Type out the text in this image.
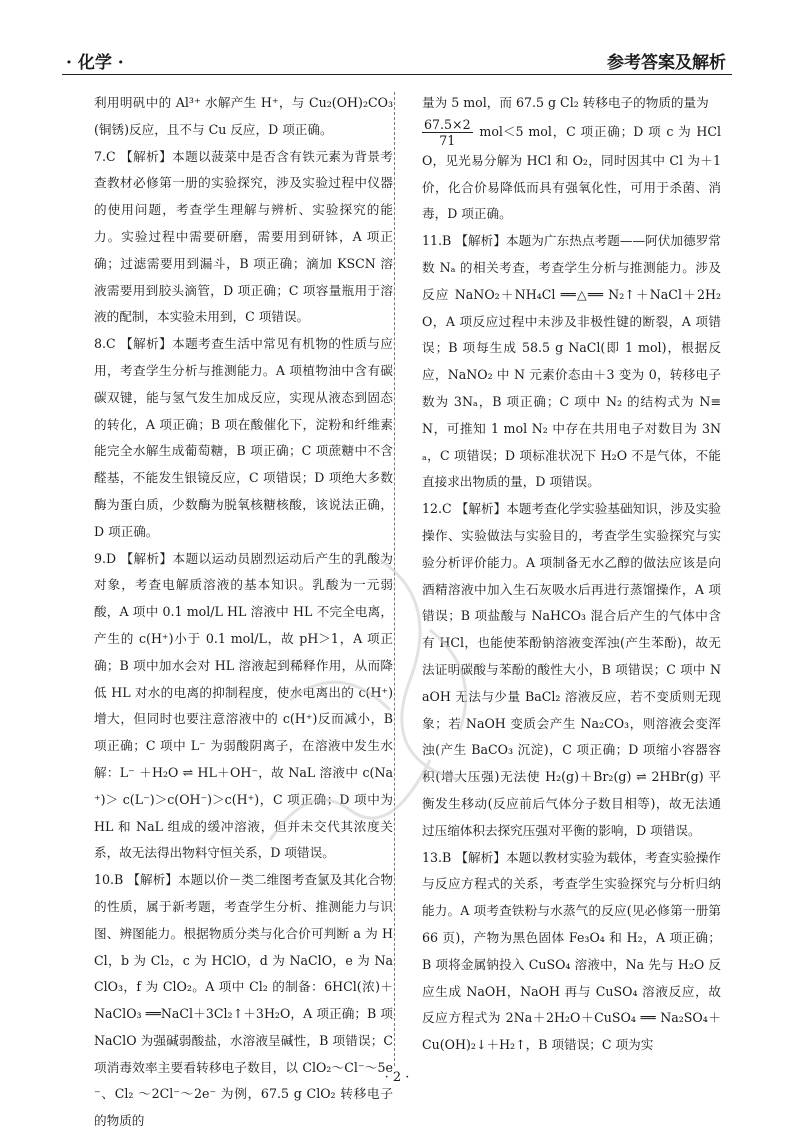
· 化学 ·	参考答案及解析

利用明矾中的 Al³⁺ 水解产生 H⁺，与 Cu₂(OH)₂CO₃(铜锈)反应，且不与 Cu 反应，D 项正确。

7.C 【解析】本题以菠菜中是否含有铁元素为背景考查教材必修第一册的实验探究，涉及实验过程中仪器的使用问题，考查学生理解与辨析、实验探究的能力。实验过程中需要研磨，需要用到研钵，A 项正确；过滤需要用到漏斗，B 项正确；滴加 KSCN 溶液需要用到胶头滴管，D 项正确；C 项容量瓶用于溶液的配制，本实验未用到，C 项错误。

8.C 【解析】本题考查生活中常见有机物的性质与应用，考查学生分析与推测能力。A 项植物油中含有碳碳双键，能与氢气发生加成反应，实现从液态到固态的转化，A 项正确；B 项在酸催化下，淀粉和纤维素能完全水解生成葡萄糖，B 项正确；C 项蔗糖中不含醛基，不能发生银镜反应，C 项错误；D 项绝大多数酶为蛋白质，少数酶为脱氧核糖核酸，该说法正确，D 项正确。

9.D 【解析】本题以运动员剧烈运动后产生的乳酸为对象，考查电解质溶液的基本知识。乳酸为一元弱酸，A 项中 0.1 mol/L HL 溶液中 HL 不完全电离，产生的 c(H⁺)小于 0.1 mol/L，故 pH＞1，A 项正确；B 项中加水会对 HL 溶液起到稀释作用，从而降低 HL 对水的电离的抑制程度，使水电离出的 c(H⁺)增大，但同时也要注意溶液中的 c(H⁺)反而减小，B 项正确；C 项中 L⁻ 为弱酸阴离子，在溶液中发生水解：L⁻ ＋H₂O ⇌ HL＋OH⁻，故 NaL 溶液中 c(Na⁺)＞ c(L⁻)＞c(OH⁻)＞c(H⁺)，C 项正确；D 项中为 HL 和 NaL 组成的缓冲溶液，但并未交代其浓度关系，故无法得出物料守恒关系，D 项错误。

10.B 【解析】本题以价－类二维图考查氯及其化合物的性质，属于新考题，考查学生分析、推测能力与识图、辨图能力。根据物质分类与化合价可判断 a 为 HCl，b 为 Cl₂，c 为 HClO，d 为 NaClO，e 为 NaClO₃，f 为 ClO₂。A 项中 Cl₂ 的制备：6HCl(浓)＋NaClO₃ ══NaCl＋3Cl₂↑＋3H₂O，A 项正确；B 项 NaClO 为强碱弱酸盐，水溶液呈碱性，B 项错误；C 项消毒效率主要看转移电子数目，以 ClO₂～Cl⁻～5e⁻、Cl₂ ～2Cl⁻～2e⁻ 为例，67.5 g ClO₂ 转移电子的物质的

量为 5 mol，而 67.5 g Cl₂ 转移电子的物质的量为

$\frac{67.5\times 2}{71} mol<5$ mol，C 项正确；D 项 c 为 HClO，见光易分解为 HCl 和 O₂，同时因其中 Cl 为＋1 价，化合价易降低而具有强氧化性，可用于杀菌、消毒，D 项正确。

11.B 【解析】本题为广东热点考题——阿伏加德罗常数 Nₐ 的相关考查，考查学生分析与推测能力。涉及反应 NaNO₂＋NH₄Cl ══△══ N₂↑＋NaCl＋2H₂O，A 项反应过程中未涉及非极性键的断裂，A 项错误；B 项每生成 58.5 g NaCl(即 1 mol)，根据反应，NaNO₂ 中 N 元素价态由＋3 变为 0，转移电子数为 3Nₐ，B 项正确；C 项中 N₂ 的结构式为 N≡N，可推知 1 mol N₂ 中存在共用电子对数目为 3Nₐ，C 项错误；D 项标准状况下 H₂O 不是气体，不能直接求出物质的量，D 项错误。

12.C 【解析】本题考查化学实验基础知识，涉及实验操作、实验做法与实验目的，考查学生实验探究与实验分析评价能力。A 项制备无水乙醇的做法应该是向酒精溶液中加入生石灰吸水后再进行蒸馏操作，A 项错误；B 项盐酸与 NaHCO₃ 混合后产生的气体中含有 HCl，也能使苯酚钠溶液变浑浊(产生苯酚)，故无法证明碳酸与苯酚的酸性大小，B 项错误；C 项中 NaOH 无法与少量 BaCl₂ 溶液反应，若不变质则无现象；若 NaOH 变质会产生 Na₂CO₃，则溶液会变浑浊(产生 BaCO₃ 沉淀)，C 项正确；D 项缩小容器容积(增大压强)无法使 H₂(g)＋Br₂(g) ⇌ 2HBr(g) 平衡发生移动(反应前后气体分子数目相等)，故无法通过压缩体积去探究压强对平衡的影响，D 项错误。

13.B 【解析】本题以教材实验为载体，考查实验操作与反应方程式的关系，考查学生实验探究与分析归纳能力。A 项考查铁粉与水蒸气的反应(见必修第一册第 66 页)，产物为黑色固体 Fe₃O₄ 和 H₂，A 项正确；B 项将金属钠投入 CuSO₄ 溶液中，Na 先与 H₂O 反应生成 NaOH，NaOH 再与 CuSO₄ 溶液反应，故反应方程式为 2Na＋2H₂O＋CuSO₄ ══ Na₂SO₄＋Cu(OH)₂↓＋H₂↑，B 项错误；C 项为实

· 2 ·
